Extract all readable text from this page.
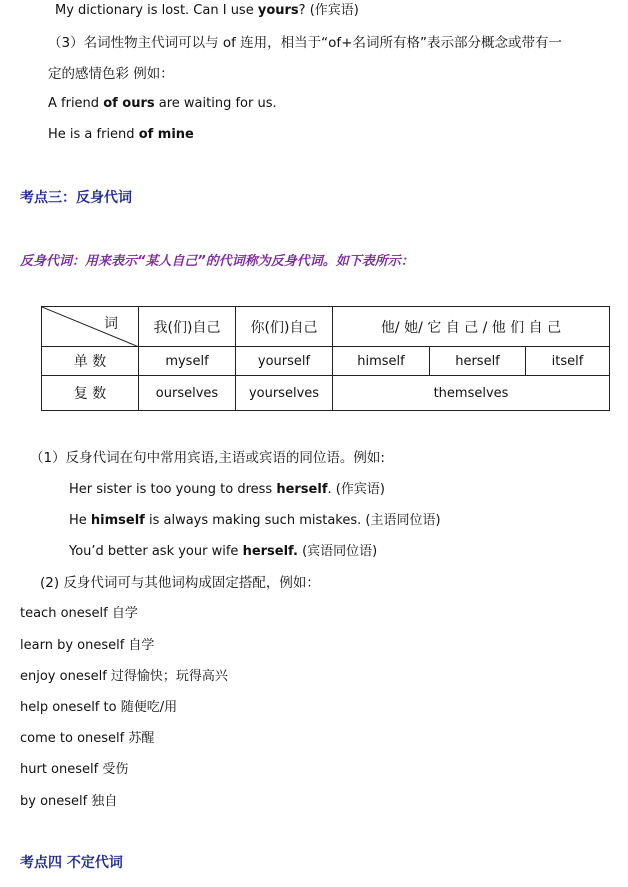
My dictionary is lost. Can I use yours? (作宾语)
（3）名词性物主代词可以与 of 连用，相当于“of+名词所有格”表示部分概念或带有一
定的感情色彩 例如：
A friend of ours are waiting for us.
He is a friend of mine
考点三：反身代词
反身代词：用来表示“某人自己”的代词称为反身代词。如下表所示：
词	我(们)自己	你(们)自己	他/ 她/ 它 自 己 / 他 们 自 己		
单 数	myself	yourself	himself	herself	itself
复 数	ourselves	yourselves	themselves		
（1）反身代词在句中常用宾语,主语或宾语的同位语。例如:
Her sister is too young to dress herself. (作宾语)
He himself is always making such mistakes. (主语同位语)
You’d better ask your wife herself. (宾语同位语)
(2) 反身代词可与其他词构成固定搭配，例如：
teach oneself 自学
learn by oneself 自学
enjoy oneself 过得愉快；玩得高兴
help oneself to 随便吃/用
come to oneself 苏醒
hurt oneself 受伤
by oneself 独自
考点四 不定代词
